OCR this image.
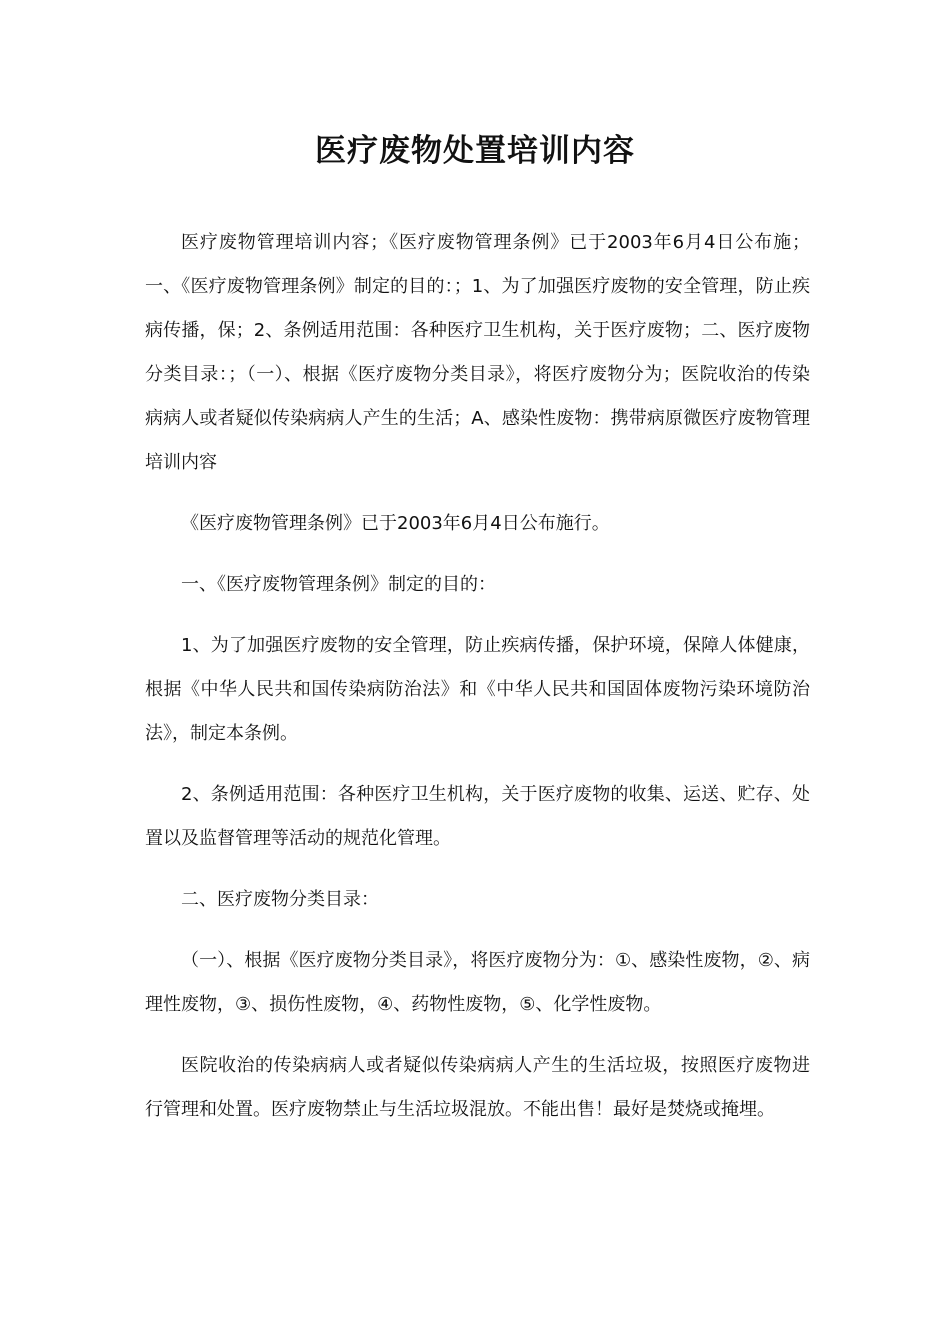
医疗废物处置培训内容

医疗废物管理培训内容；《医疗废物管理条例》已于2003年6月4日公布施；一、《医疗废物管理条例》制定的目的：；1、为了加强医疗废物的安全管理，防止疾病传播，保；2、条例适用范围：各种医疗卫生机构，关于医疗废物；二、医疗废物分类目录：；（一）、根据《医疗废物分类目录》，将医疗废物分为；医院收治的传染病病人或者疑似传染病病人产生的生活；A、感染性废物：携带病原微医疗废物管理培训内容

《医疗废物管理条例》已于2003年6月4日公布施行。

一、《医疗废物管理条例》制定的目的：

1、为了加强医疗废物的安全管理，防止疾病传播，保护环境，保障人体健康，根据《中华人民共和国传染病防治法》和《中华人民共和国固体废物污染环境防治法》，制定本条例。

2、条例适用范围：各种医疗卫生机构，关于医疗废物的收集、运送、贮存、处置以及监督管理等活动的规范化管理。

二、医疗废物分类目录：

（一）、根据《医疗废物分类目录》，将医疗废物分为：①、感染性废物，②、病理性废物，③、损伤性废物，④、药物性废物，⑤、化学性废物。

医院收治的传染病病人或者疑似传染病病人产生的生活垃圾，按照医疗废物进行管理和处置。医疗废物禁止与生活垃圾混放。不能出售！最好是焚烧或掩埋。
